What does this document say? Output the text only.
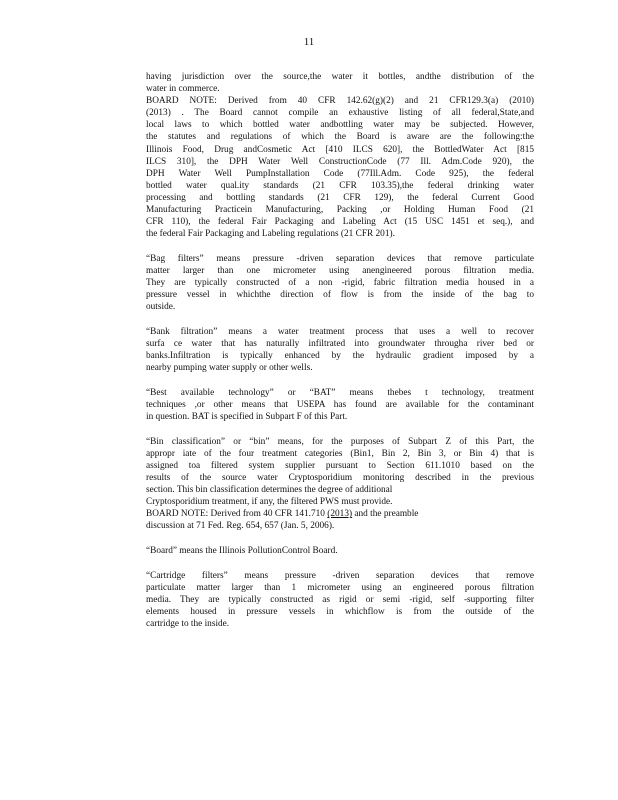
11
having jurisdiction over the source,the water it bottles, andthe distribution of the
water in commerce.
BOARD NOTE: Derived from 40 CFR 142.62(g)(2) and 21 CFR129.3(a) (2010)
(2013) . The Board cannot compile an exhaustive listing of all federal,State,and
local laws to which bottled water andbottling water may be subjected. However,
the statutes and regulations of which the Board is aware are the following:the
Illinois Food, Drug andCosmetic Act [410 ILCS 620], the BottledWater Act [815
ILCS 310], the DPH Water Well ConstructionCode (77 Ill. Adm.Code 920), the
DPH Water Well PumpInstallation Code (77Ill.Adm. Code 925), the federal
bottled water qual.ity standards (21 CFR 103.35),the federal drinking water
processing and bottling standards (21 CFR 129), the federal Current Good
Manufacturing Practicein Manufacturing, Packing ,or Holding Human Food (21
CFR 110), the federal Fair Packaging and Labeling Act (15 USC 1451 et seq.), and
the federal Fair Packaging and Labeling regulations (21 CFR 201).
“Bag filters” means pressure -driven separation devices that remove particulate
matter larger than one micrometer using anengineered porous filtration media.
They are typically constructed of a non -rigid, fabric filtration media housed in a
pressure vessel in whichthe direction of flow is from the inside of the bag to
outside.
“Bank filtration” means a water treatment process that uses a well to recover
surfa ce water that has naturally infiltrated into groundwater througha river bed or
banks.Infiltration is typically enhanced by the hydraulic gradient imposed by a
nearby pumping water supply or other wells.
“Best available technology” or “BAT” means thebes t technology, treatment
techniques ,or other means that USEPA has found are available for the contaminant
in question. BAT is specified in Subpart F of this Part.
“Bin classification” or “bin” means, for the purposes of Subpart Z of this Part, the
appropr iate of the four treatment categories (Bin1, Bin 2, Bin 3, or Bin 4) that is
assigned toa filtered system supplier pursuant to Section 611.1010 based on the
results of the source water Cryptosporidium monitoring described in the previous
section. This bin classification determines the degree of additional
Cryptosporidium treatment, if any, the filtered PWS must provide.
BOARD NOTE: Derived from 40 CFR 141.710 (2013) and the preamble
discussion at 71 Fed. Reg. 654, 657 (Jan. 5, 2006).
“Board” means the Illinois PollutionControl Board.
“Cartridge filters” means pressure -driven separation devices that remove
particulate matter larger than 1 micrometer using an engineered porous filtration
media. They are typically constructed as rigid or semi -rigid, self -supporting filter
elements housed in pressure vessels in whichflow is from the outside of the
cartridge to the inside.
